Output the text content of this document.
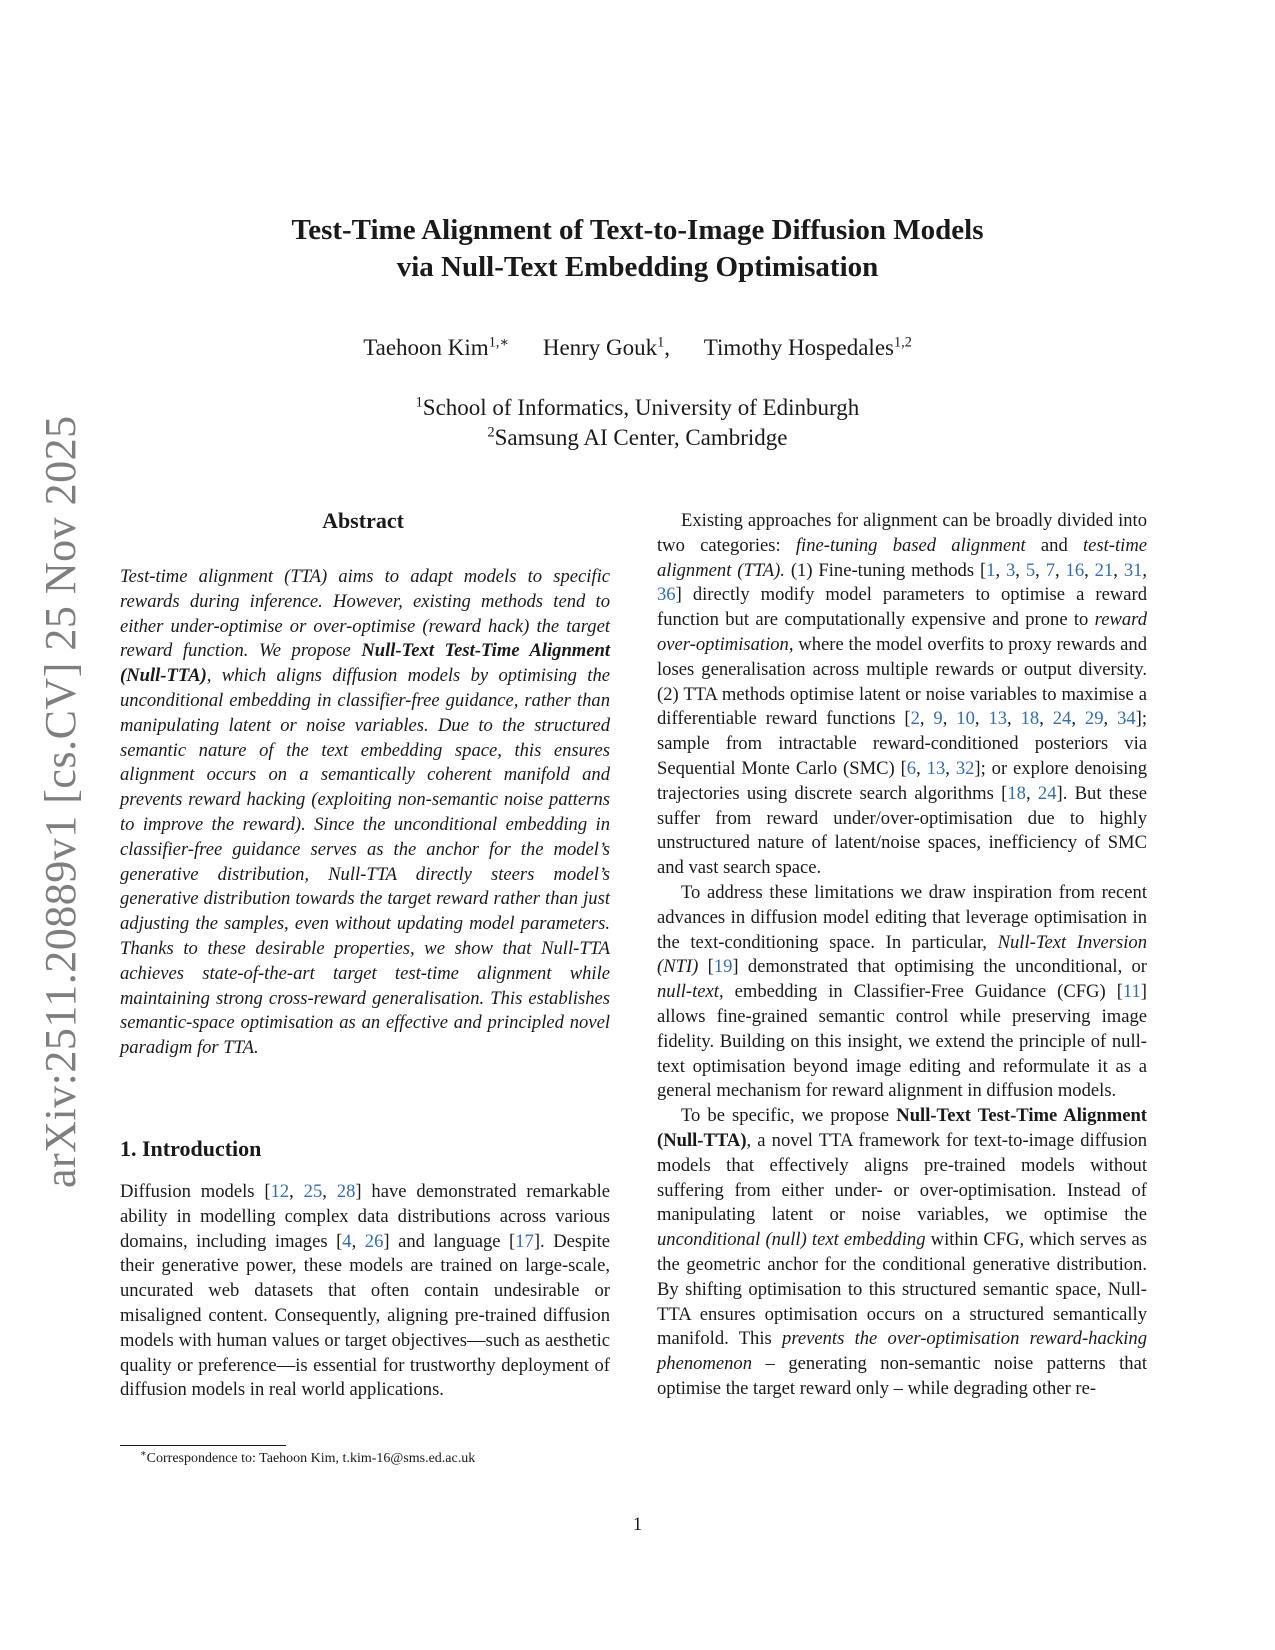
arXiv:2511.20889v1 [cs.CV] 25 Nov 2025
Test-Time Alignment of Text-to-Image Diffusion Models
via Null-Text Embedding Optimisation
Taehoon Kim$^{1,∗}$ Henry Gouk$^1$, Timothy Hospedales$^{1,2}$
$^1$School of Informatics, University of Edinburgh
$^2$Samsung AI Center, Cambridge
Abstract
Test-time alignment (TTA) aims to adapt models to specific rewards during inference. However, existing methods tend to either under-optimise or over-optimise (reward hack) the target reward function. We propose Null-Text Test-Time Alignment (Null-TTA), which aligns diffusion models by optimising the unconditional embedding in classifier-free guidance, rather than manipulating latent or noise variables. Due to the structured semantic nature of the text embedding space, this ensures alignment occurs on a semantically coherent manifold and prevents reward hacking (exploiting non-semantic noise patterns to improve the reward). Since the unconditional embedding in classifier-free guidance serves as the anchor for the model’s generative distribution, Null-TTA directly steers model’s generative distribution towards the target reward rather than just adjusting the samples, even without updating model parameters. Thanks to these desirable properties, we show that Null-TTA achieves state-of-the-art target test-time alignment while maintaining strong cross-reward generalisation. This establishes semantic-space optimisation as an effective and principled novel paradigm for TTA.
1. Introduction

Diffusion models [12, 25, 28] have demonstrated remarkable ability in modelling complex data distributions across various domains, including images [4, 26] and language [17]. Despite their generative power, these models are trained on large-scale, uncurated web datasets that often contain undesirable or misaligned content. Consequently, aligning pre-trained diffusion models with human values or target objectives—such as aesthetic quality or preference—is essential for trustworthy deployment of diffusion models in real world applications.

Existing approaches for alignment can be broadly divided into two categories: fine-tuning based alignment and test-time alignment (TTA). (1) Fine-tuning methods [1, 3, 5, 7, 16, 21, 31, 36] directly modify model parameters to optimise a reward function but are computationally expensive and prone to reward over-optimisation, where the model overfits to proxy rewards and loses generalisation across multiple rewards or output diversity. (2) TTA methods optimise latent or noise variables to maximise a differentiable reward functions [2, 9, 10, 13, 18, 24, 29, 34]; sample from intractable reward-conditioned posteriors via Sequential Monte Carlo (SMC) [6, 13, 32]; or explore denoising trajectories using discrete search algorithms [18, 24]. But these suffer from reward under/over-optimisation due to highly unstructured nature of latent/noise spaces, inefficiency of SMC and vast search space.

To address these limitations we draw inspiration from recent advances in diffusion model editing that leverage optimisation in the text-conditioning space. In particular, Null-Text Inversion (NTI) [19] demonstrated that optimising the unconditional, or null-text, embedding in Classifier-Free Guidance (CFG) [11] allows fine-grained semantic control while preserving image fidelity. Building on this insight, we extend the principle of null-text optimisation beyond image editing and reformulate it as a general mechanism for reward alignment in diffusion models.

To be specific, we propose Null-Text Test-Time Alignment (Null-TTA), a novel TTA framework for text-to-image diffusion models that effectively aligns pre-trained models without suffering from either under- or over-optimisation. Instead of manipulating latent or noise variables, we optimise the unconditional (null) text embedding within CFG, which serves as the geometric anchor for the conditional generative distribution. By shifting optimisation to this structured semantic space, Null-TTA ensures optimisation occurs on a structured semantically manifold. This prevents the over-optimisation reward-hacking phenomenon – generating non-semantic noise patterns that optimise the target reward only – while degrading other re-

∗Correspondence to: Taehoon Kim, t.kim-16@sms.ed.ac.uk
1
